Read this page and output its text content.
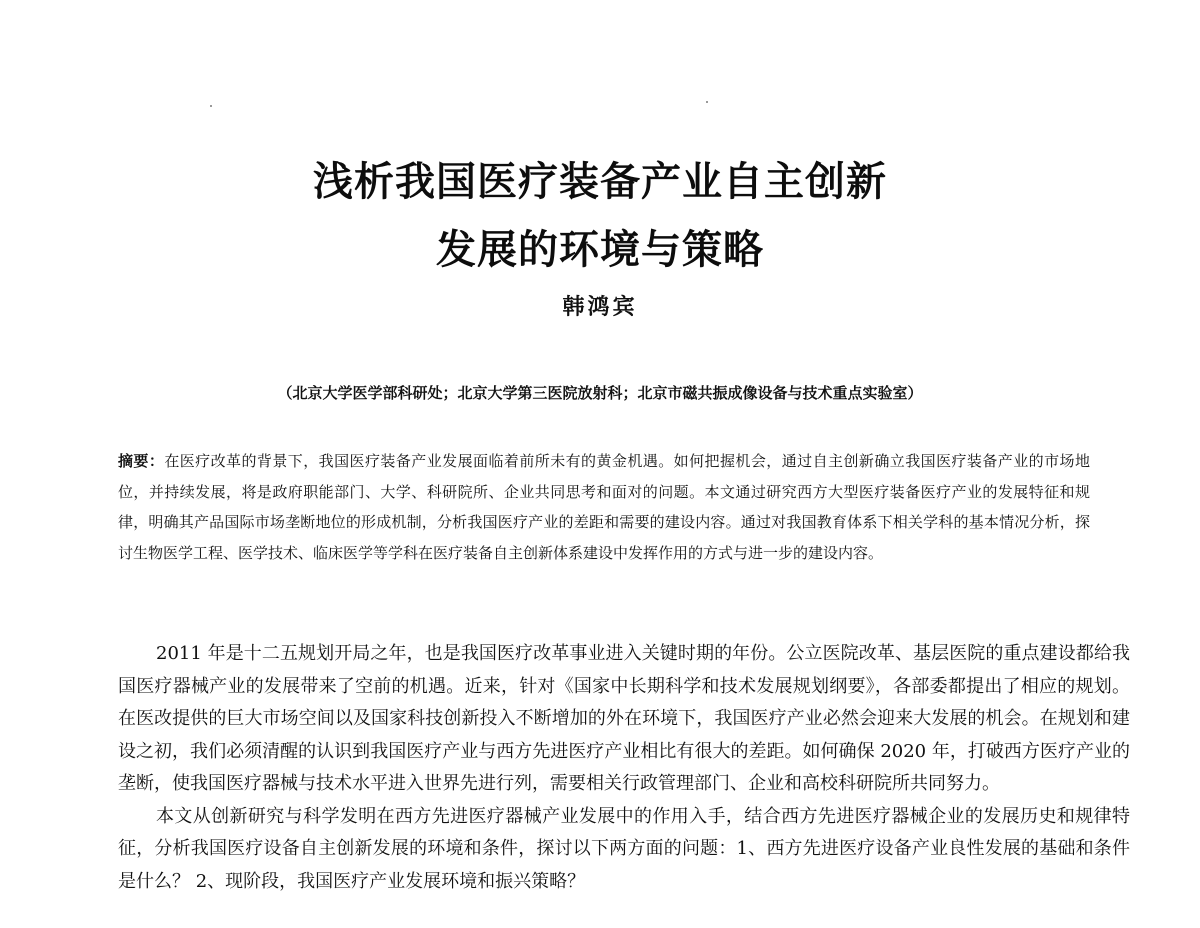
浅析我国医疗装备产业自主创新
发展的环境与策略
韩鸿宾
（北京大学医学部科研处；北京大学第三医院放射科；北京市磁共振成像设备与技术重点实验室）
摘要：在医疗改革的背景下，我国医疗装备产业发展面临着前所未有的黄金机遇。如何把握机会，通过自主创新确立我国医疗装备产业的市场地位，并持续发展，将是政府职能部门、大学、科研院所、企业共同思考和面对的问题。本文通过研究西方大型医疗装备医疗产业的发展特征和规律，明确其产品国际市场垄断地位的形成机制，分析我国医疗产业的差距和需要的建设内容。通过对我国教育体系下相关学科的基本情况分析，探讨生物医学工程、医学技术、临床医学等学科在医疗装备自主创新体系建设中发挥作用的方式与进一步的建设内容。

2011 年是十二五规划开局之年，也是我国医疗改革事业进入关键时期的年份。公立医院改革、基层医院的重点建设都给我国医疗器械产业的发展带来了空前的机遇。近来，针对《国家中长期科学和技术发展规划纲要》，各部委都提出了相应的规划。在医改提供的巨大市场空间以及国家科技创新投入不断增加的外在环境下，我国医疗产业必然会迎来大发展的机会。在规划和建设之初，我们必须清醒的认识到我国医疗产业与西方先进医疗产业相比有很大的差距。如何确保 2020 年，打破西方医疗产业的垄断，使我国医疗器械与技术水平进入世界先进行列，需要相关行政管理部门、企业和高校科研院所共同努力。

本文从创新研究与科学发明在西方先进医疗器械产业发展中的作用入手，结合西方先进医疗器械企业的发展历史和规律特征，分析我国医疗设备自主创新发展的环境和条件，探讨以下两方面的问题：1、西方先进医疗设备产业良性发展的基础和条件是什么？ 2、现阶段，我国医疗产业发展环境和振兴策略？
